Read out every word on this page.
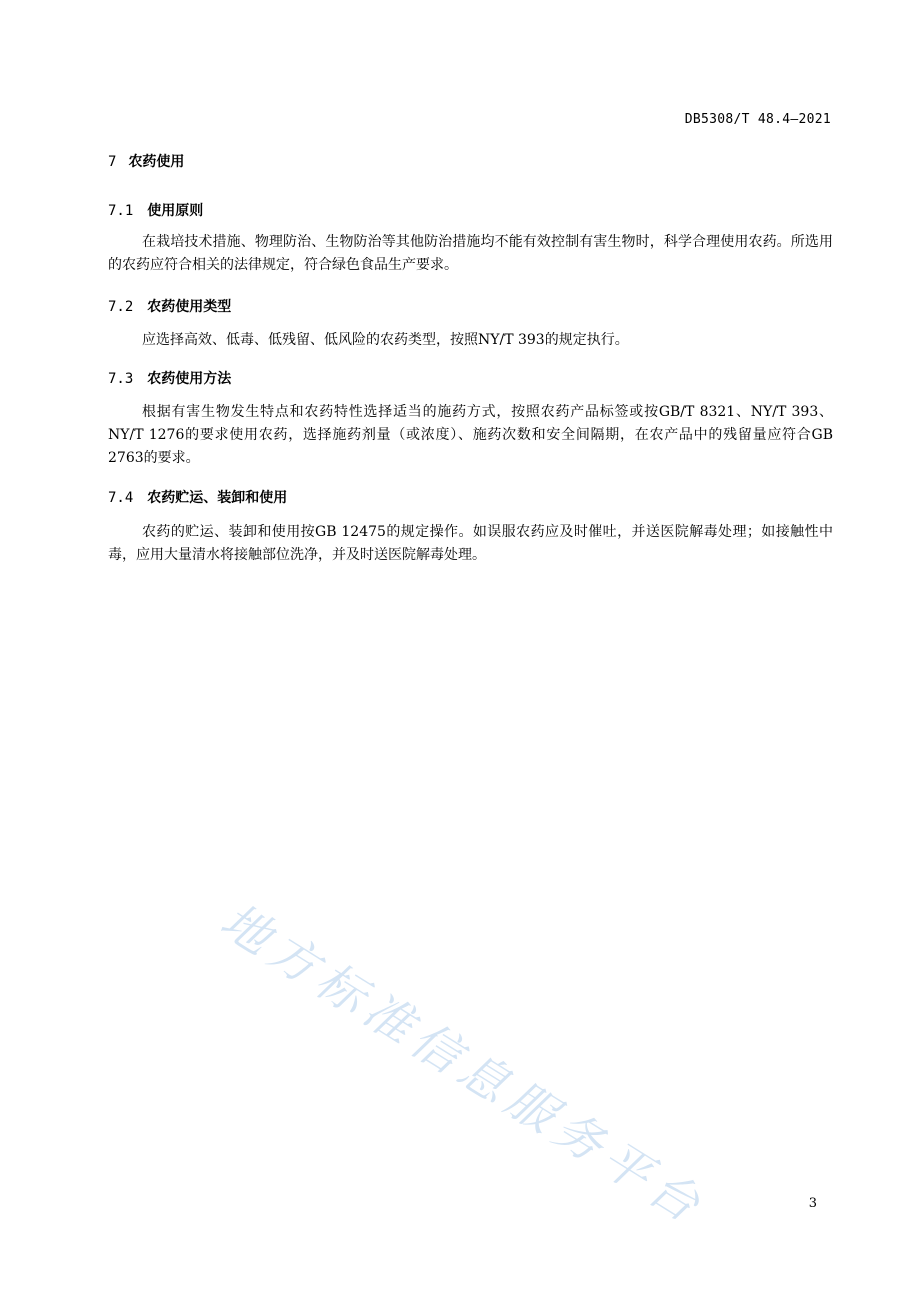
DB5308/T 48.4—2021
7 农药使用
7.1 使用原则

在栽培技术措施、物理防治、生物防治等其他防治措施均不能有效控制有害生物时，科学合理使用农药。所选用的农药应符合相关的法律规定，符合绿色食品生产要求。

7.2 农药使用类型

应选择高效、低毒、低残留、低风险的农药类型，按照NY/T 393的规定执行。

7.3 农药使用方法

根据有害生物发生特点和农药特性选择适当的施药方式，按照农药产品标签或按GB/T 8321、NY/T 393、NY/T 1276的要求使用农药，选择施药剂量（或浓度）、施药次数和安全间隔期，在农产品中的残留量应符合GB 2763的要求。

7.4 农药贮运、装卸和使用

农药的贮运、装卸和使用按GB 12475的规定操作。如误服农药应及时催吐，并送医院解毒处理；如接触性中毒，应用大量清水将接触部位洗净，并及时送医院解毒处理。

地方标准信息服务平台	3
